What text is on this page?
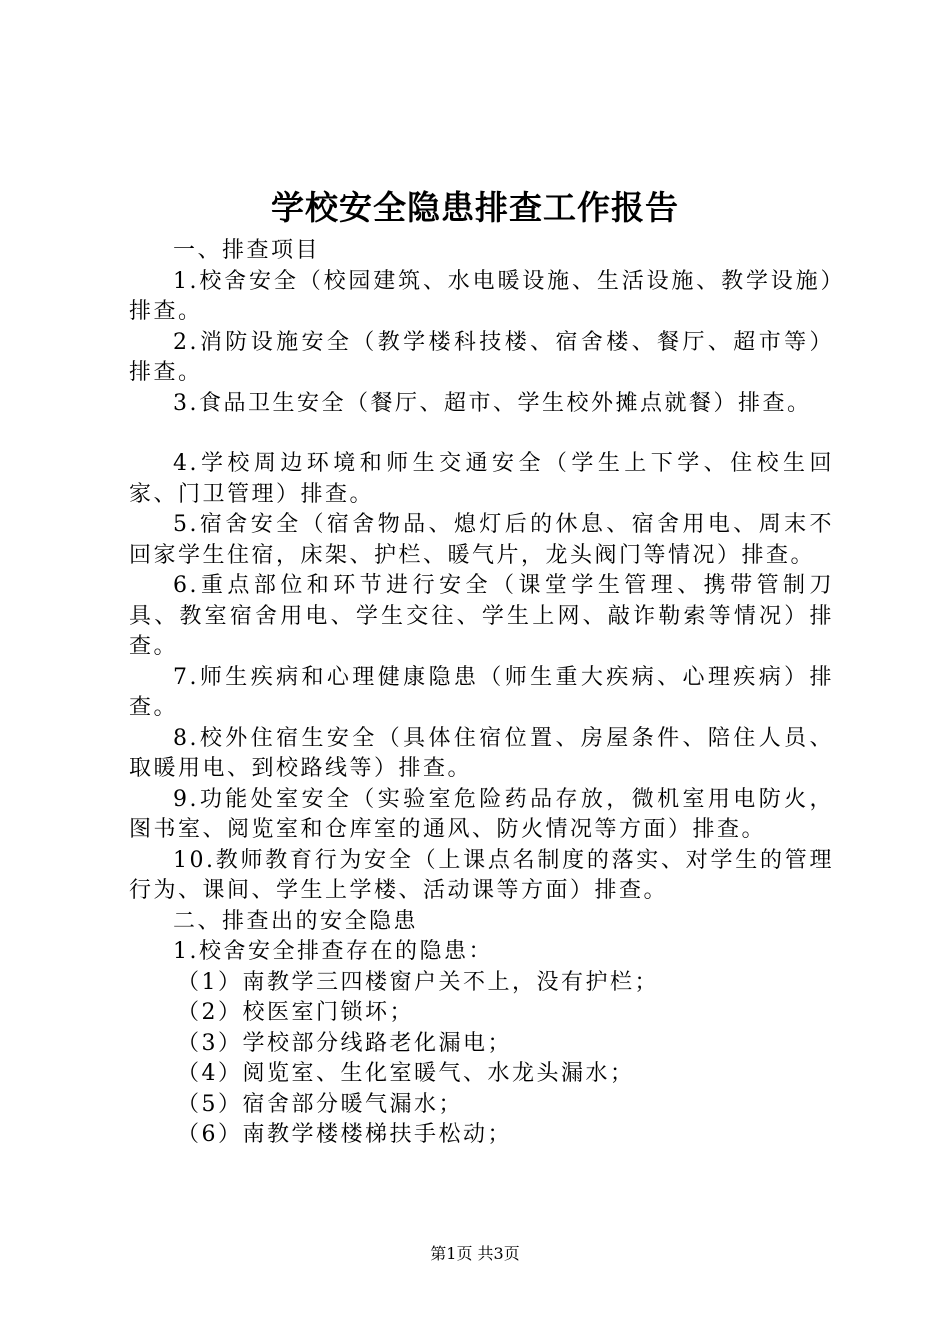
学校安全隐患排查工作报告

一、排查项目

1.校舍安全（校园建筑、水电暖设施、生活设施、教学设施）排查。

2.消防设施安全（教学楼科技楼、宿舍楼、餐厅、超市等）排查。

3.食品卫生安全（餐厅、超市、学生校外摊点就餐）排查。

4.学校周边环境和师生交通安全（学生上下学、住校生回家、门卫管理）排查。

5.宿舍安全（宿舍物品、熄灯后的休息、宿舍用电、周末不回家学生住宿，床架、护栏、暖气片，龙头阀门等情况）排查。

6.重点部位和环节进行安全（课堂学生管理、携带管制刀具、教室宿舍用电、学生交往、学生上网、敲诈勒索等情况）排查。

7.师生疾病和心理健康隐患（师生重大疾病、心理疾病）排查。

8.校外住宿生安全（具体住宿位置、房屋条件、陪住人员、取暖用电、到校路线等）排查。

9.功能处室安全（实验室危险药品存放，微机室用电防火，图书室、阅览室和仓库室的通风、防火情况等方面）排查。

10.教师教育行为安全（上课点名制度的落实、对学生的管理行为、课间、学生上学楼、活动课等方面）排查。

二、排查出的安全隐患

1.校舍安全排查存在的隐患：

（1）南教学三四楼窗户关不上，没有护栏；

（2）校医室门锁坏；

（3）学校部分线路老化漏电；

（4）阅览室、生化室暖气、水龙头漏水；

（5）宿舍部分暖气漏水；

（6）南教学楼楼梯扶手松动；

第1页 共3页
